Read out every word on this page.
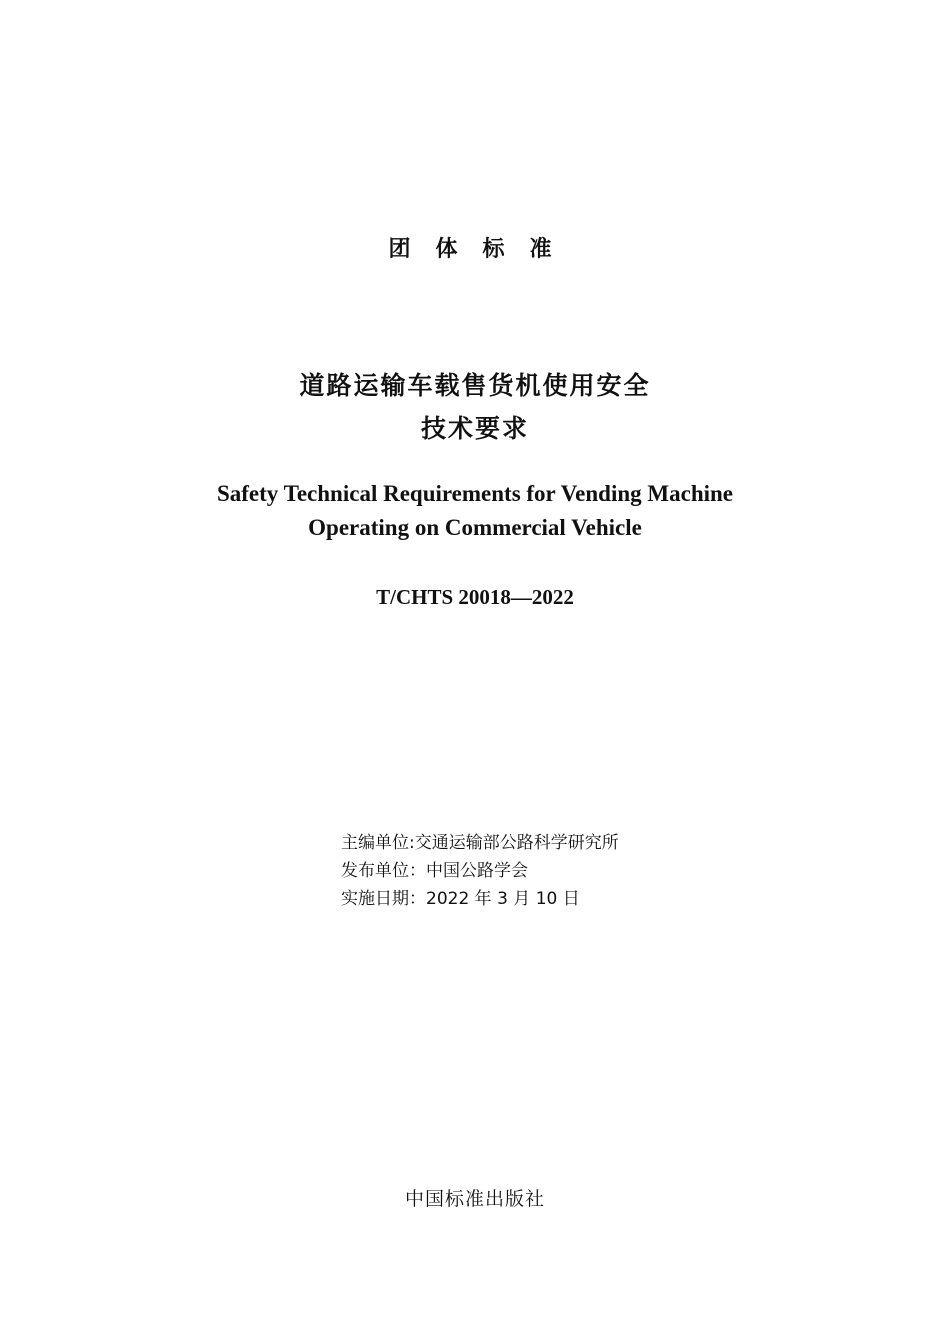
团体标准
道路运输车载售货机使用安全
技术要求
Safety Technical Requirements for Vending Machine
Operating on Commercial Vehicle
T/CHTS 20018—2022
主编单位:交通运输部公路科学研究所
发布单位：中国公路学会
实施日期：2022 年 3 月 10 日
中国标准出版社
